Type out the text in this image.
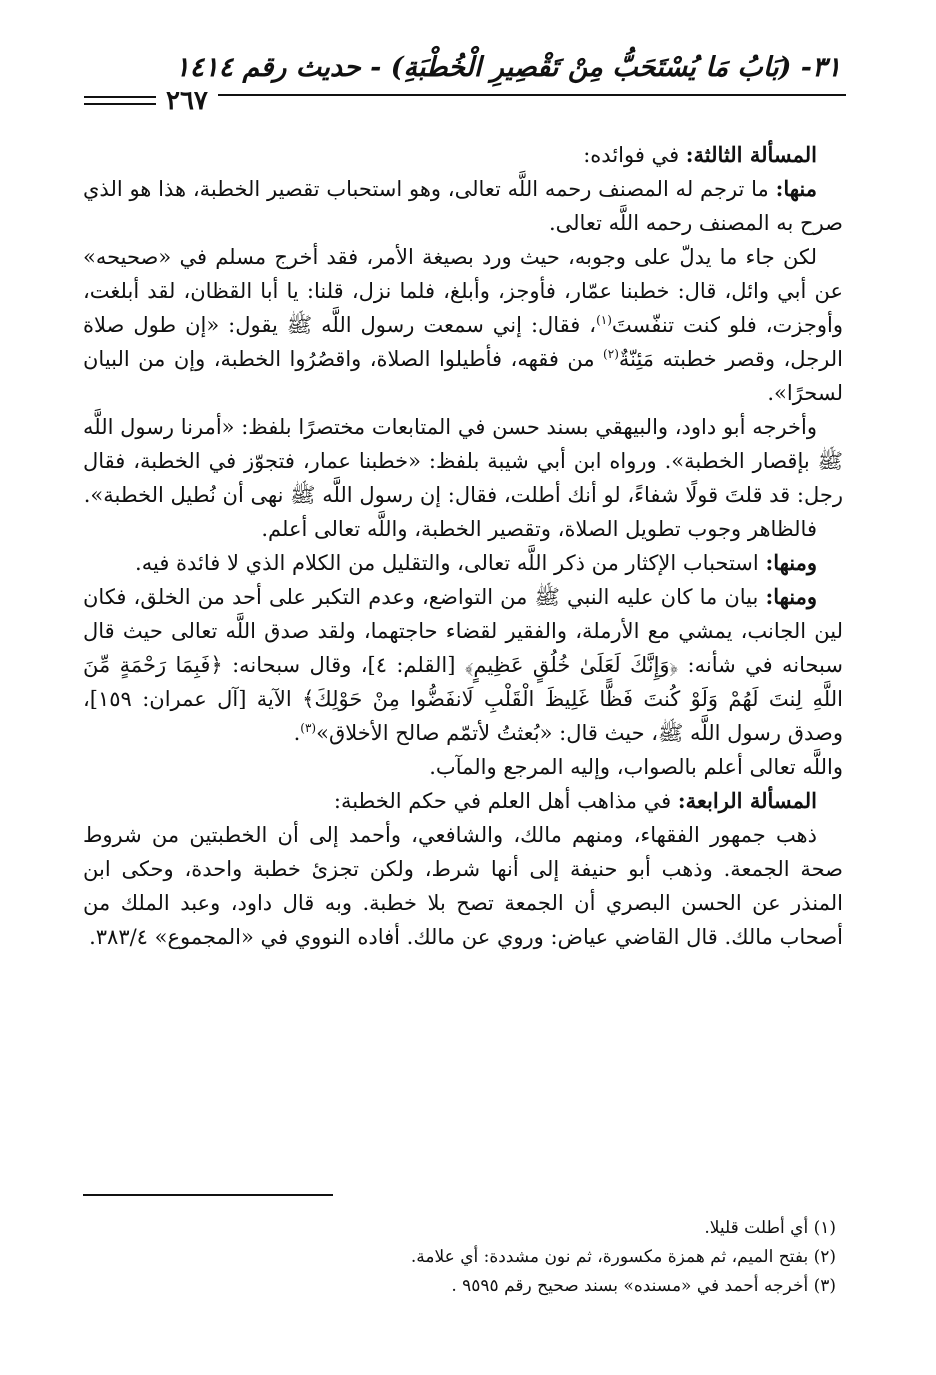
٣١- (بَابُ مَا يُسْتَحَبُّ مِنْ تَقْصِيرِ الْخُطْبَةِ) - حديث رقم ١٤١٤
٢٦٧

المسألة الثالثة: في فوائده:

منها: ما ترجم له المصنف رحمه اللَّه تعالى، وهو استحباب تقصير الخطبة، هذا هو الذي صرح به المصنف رحمه اللَّه تعالى.

لكن جاء ما يدلّ على وجوبه، حيث ورد بصيغة الأمر، فقد أخرج مسلم في «صحيحه» عن أبي وائل، قال: خطبنا عمّار، فأوجز، وأبلغ، فلما نزل، قلنا: يا أبا القظان، لقد أبلغت، وأوجزت، فلو كنت تنفّستَ$^{(١)}$، فقال: إني سمعت رسول اللَّه ﷺ يقول: «إن طول صلاة الرجل، وقصر خطبته مَئِنّةٌ$^{(٢)}$ من فقهه، فأطيلوا الصلاة، واقصُرُوا الخطبة، وإن من البيان لسحرًا».

وأخرجه أبو داود، والبيهقي بسند حسن في المتابعات مختصرًا بلفظ: «أمرنا رسول اللَّه ﷺ بإقصار الخطبة». ورواه ابن أبي شيبة بلفظ: «خطبنا عمار، فتجوّز في الخطبة، فقال رجل: قد قلتَ قولًا شفاءً، لو أنك أطلت، فقال: إن رسول اللَّه ﷺ نهى أن نُطيل الخطبة».

فالظاهر وجوب تطويل الصلاة، وتقصير الخطبة، واللَّه تعالى أعلم.

ومنها: استحباب الإكثار من ذكر اللَّه تعالى، والتقليل من الكلام الذي لا فائدة فيه.

ومنها: بيان ما كان عليه النبي ﷺ من التواضع، وعدم التكبر على أحد من الخلق، فكان لين الجانب، يمشي مع الأرملة، والفقير لقضاء حاجتهما، ولقد صدق اللَّه تعالى حيث قال سبحانه في شأنه: ﴿وَإِنَّكَ لَعَلَىٰ خُلُقٍ عَظِيمٍ﴾ [القلم: ٤]، وقال سبحانه: ﴿فَبِمَا رَحْمَةٍ مِّنَ اللَّهِ لِنتَ لَهُمْ وَلَوْ كُنتَ فَظًّا غَلِيظَ الْقَلْبِ لَانفَضُّوا مِنْ حَوْلِكَ﴾ الآية [آل عمران: ١٥٩]، وصدق رسول اللَّه ﷺ، حيث قال: «بُعثتُ لأتمّم صالح الأخلاق»$^{(٣)}$.

واللَّه تعالى أعلم بالصواب، وإليه المرجع والمآب.

المسألة الرابعة: في مذاهب أهل العلم في حكم الخطبة:

ذهب جمهور الفقهاء، ومنهم مالك، والشافعي، وأحمد إلى أن الخطبتين من شروط صحة الجمعة. وذهب أبو حنيفة إلى أنها شرط، ولكن تجزئ خطبة واحدة، وحكى ابن المنذر عن الحسن البصري أن الجمعة تصح بلا خطبة. وبه قال داود، وعبد الملك من أصحاب مالك. قال القاضي عياض: وروي عن مالك. أفاده النووي في «المجموع» ٣٨٣/٤.

(١) أي أطلت قليلا.

(٢) بفتح الميم، ثم همزة مكسورة، ثم نون مشددة: أي علامة.

(٣) أخرجه أحمد في «مسنده» بسند صحيح رقم ٩٥٩٥ .
